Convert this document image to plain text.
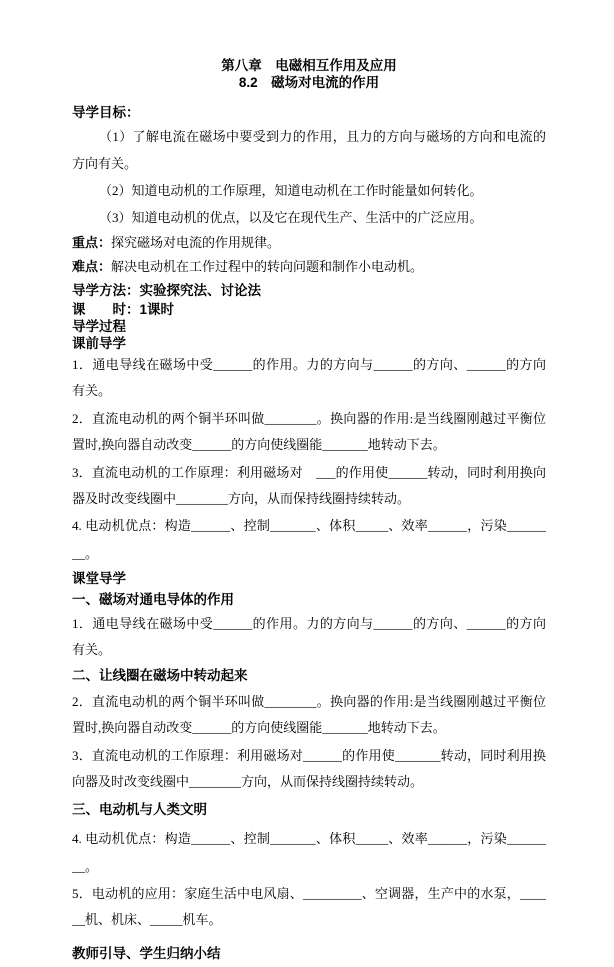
第八章　电磁相互作用及应用
8.2　磁场对电流的作用

导学目标：

（1）了解电流在磁场中要受到力的作用，且力的方向与磁场的方向和电流的方向有关。

（2）知道电动机的工作原理，知道电动机在工作时能量如何转化。

（3）知道电动机的优点，以及它在现代生产、生活中的广泛应用。

重点：探究磁场对电流的作用规律。

难点：解决电动机在工作过程中的转向问题和制作小电动机。

导学方法：实验探究法、讨论法

课　　时：1课时

导学过程

课前导学

1．通电导线在磁场中受______的作用。力的方向与______的方向、______的方向有关。

2．直流电动机的两个铜半环叫做________。换向器的作用:是当线圈刚越过平衡位置时,换向器自动改变______的方向使线圈能_______地转动下去。

3．直流电动机的工作原理：利用磁场对　___的作用使______转动，同时利用换向器及时改变线圈中________方向，从而保持线圈持续转动。

4. 电动机优点：构造______、控制_______、体积_____、效率______，污染________。

课堂导学

一、磁场对通电导体的作用

1．通电导线在磁场中受______的作用。力的方向与______的方向、______的方向有关。

二、让线圈在磁场中转动起来

2．直流电动机的两个铜半环叫做________。换向器的作用:是当线圈刚越过平衡位置时,换向器自动改变______的方向使线圈能_______地转动下去。

3．直流电动机的工作原理：利用磁场对______的作用使_______转动，同时利用换向器及时改变线圈中________方向，从而保持线圈持续转动。

三、电动机与人类文明

4. 电动机优点：构造______、控制_______、体积_____、效率______，污染________。

5．电动机的应用：家庭生活中电风扇、_________、空调器，生产中的水泵，______机、机床、_____机车。

教师引导、学生归纳小结
